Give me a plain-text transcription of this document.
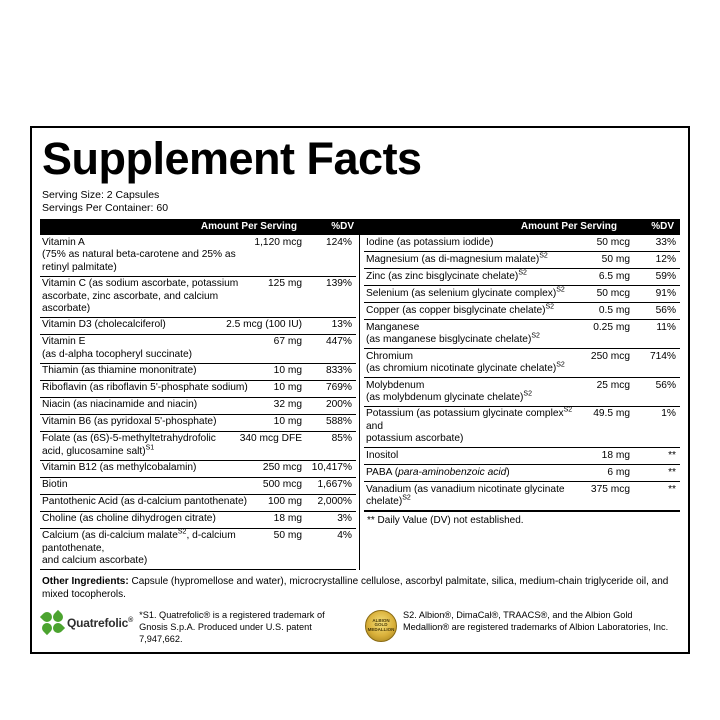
Supplement Facts
Serving Size: 2 Capsules
Servings Per Container: 60
Amount Per Serving	%DV	Amount Per Serving	%DV
Vitamin A
(75% as natural beta-carotene and 25% as retinyl palmitate)
1,120 mcg	124%
Vitamin C (as sodium ascorbate, potassium
ascorbate, zinc ascorbate, and calcium ascorbate)
125 mg	139%
Vitamin D3 (cholecalciferol)	2.5 mcg (100 IU)	13%
Vitamin E
(as d-alpha tocopheryl succinate)
67 mg	447%
Thiamin (as thiamine mononitrate)	10 mg	833%
Riboflavin (as riboflavin 5'-phosphate sodium)	10 mg	769%
Niacin (as niacinamide and niacin)	32 mg	200%
Vitamin B6 (as pyridoxal 5'-phosphate)	10 mg	588%
Folate (as (6S)-5-methyltetrahydrofolic
acid, glucosamine salt)$^{S1}$
340 mcg DFE	85%
Vitamin B12 (as methylcobalamin)	250 mcg 10,417%
Biotin	500 mcg	1,667%
Pantothenic Acid (as d-calcium pantothenate)	100 mg	2,000%
Choline (as choline dihydrogen citrate)	18 mg	3%
Calcium (as di-calcium malate$^{S2}$, d-calcium pantothenate,
and calcium ascorbate)
50 mg	4%
Iodine (as potassium iodide)	50 mcg	33%
Magnesium (as di-magnesium malate)$^{S2}$	50 mg	12%
Zinc (as zinc bisglycinate chelate)$^{S2}$	6.5 mg	59%
Selenium (as selenium glycinate complex)$^{S2}$	50 mcg	91%
Copper (as copper bisglycinate chelate)$^{S2}$	0.5 mg	56%
Manganese
(as manganese bisglycinate chelate)$^{S2}$
0.25 mg	11%
Chromium
(as chromium nicotinate glycinate chelate)$^{S2}$
250 mcg	714%
Molybdenum
(as molybdenum glycinate chelate)$^{S2}$
25 mcg	56%
Potassium (as potassium glycinate complex$^{S2}$ and
potassium ascorbate)
49.5 mg	1%
Inositol	18 mg	**
PABA (para-aminobenzoic acid)	6 mg	**
Vanadium (as vanadium nicotinate glycinate chelate)$^{S2}$
375 mcg	**
** Daily Value (DV) not established.
Other Ingredients: Capsule (hypromellose and water), microcrystalline cellulose, ascorbyl palmitate, silica, medium-chain triglyceride oil, and mixed tocopherols.
Quatrefolic®
*S1. Quatrefolic® is a registered trademark of Gnosis S.p.A. Produced under U.S. patent 7,947,662.
ALBION GOLD MEDALLION
S2. Albion®, DimaCal®, TRAACS®, and the Albion Gold Medallion® are registered trademarks of Albion Laboratories, Inc.
